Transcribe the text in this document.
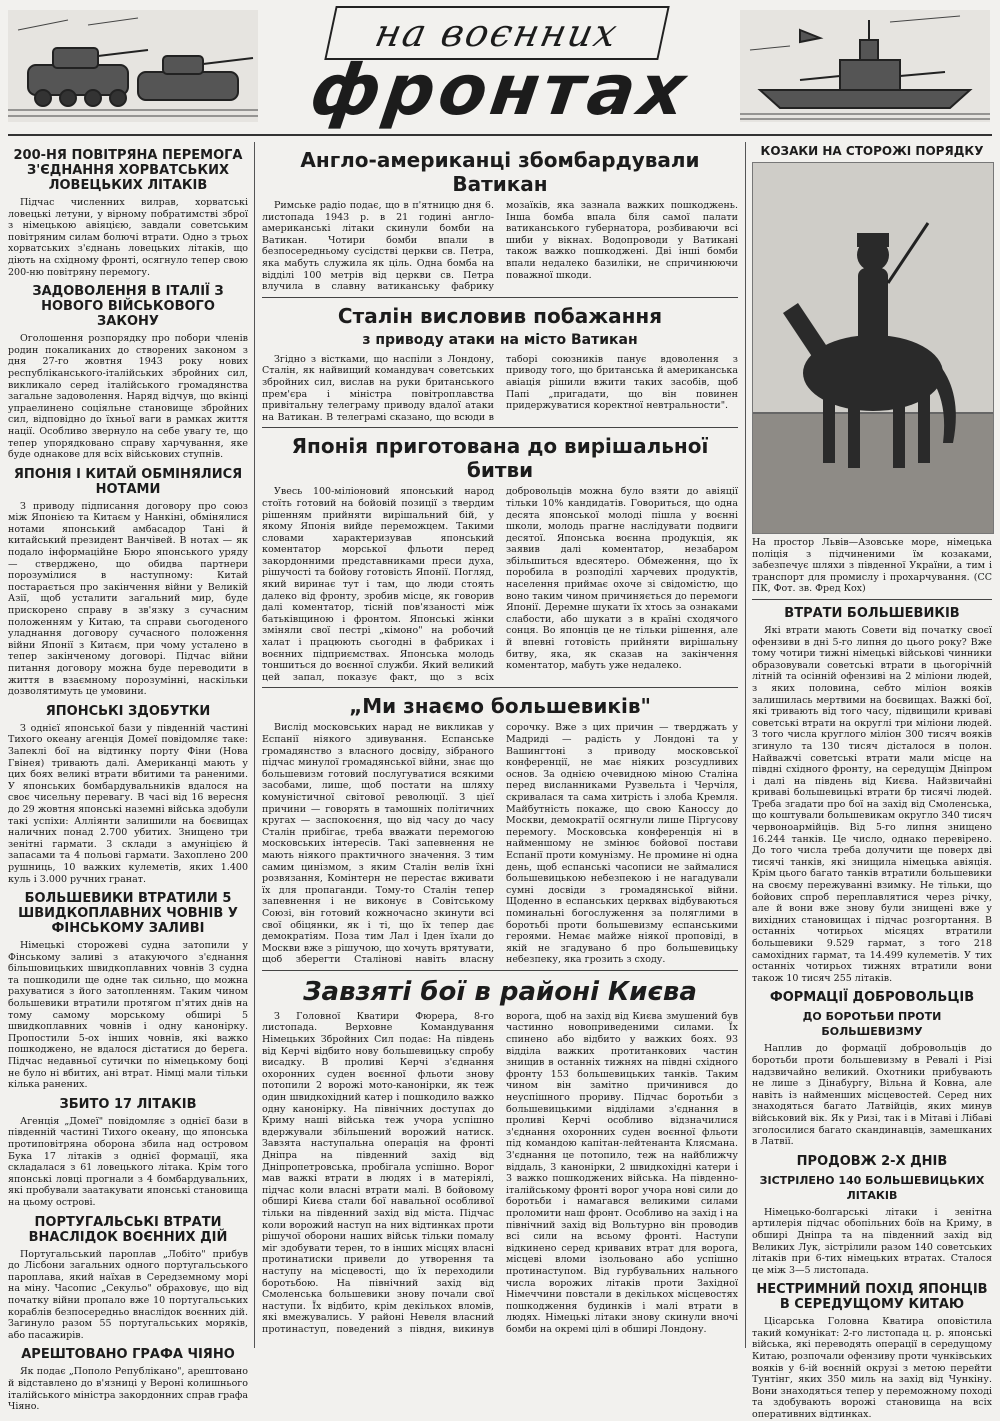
на воєнних
фронтах
200-НЯ ПОВІТРЯНА ПЕРЕМОГА З'ЄДНАННЯ ХОРВАТСЬКИХ ЛОВЕЦЬКИХ ЛІТАКІВ

Підчас численних вилрав, хорватські ловецькі летуни, у вірному побратимстві зброї з німецькою авіяцією, завдали советським повітряним силам болючі втрати. Одно з трьох хорватських з'єднань ловецьких літаків, що діють на східному фронті, осягнуло тепер свою 200-ню повітряну перемогу.

ЗАДОВОЛЕННЯ В ІТАЛІЇ З НОВОГО ВІЙСЬКОВОГО ЗАКОНУ

Оголошення розпорядку про побори членів родин покаликаних до створених законом з дня 27-го жовтня 1943 року нових республіканського-італійських збройних сил, викликало серед італійського громадянства загальне задоволення. Наряд відчув, що вкінці упраелинено соціяльне становище збройних сил, відповідно до їхньої ваги в рамках життя нації. Особливо звернуло на себе увагу те, що тепер упорядковано справу харчування, яке буде однакове для всіх військових ступнів.

ЯПОНІЯ І КИТАЙ ОБМІНЯЛИСЯ НОТАМИ

З приводу підписання договору про союз між Японією та Китаєм у Нанкіні, обмінялися нотами японський амбасадор Тані й китайський президент Ванчівей. В нотах — як подало інформаційне Бюро японського уряду — стверджено, що обидва партнери порозумілися в наступному: Китай постарається про закінчення війни у Великій Азії, щоб усталити загальний мир, буде прискорено справу в зв'язку з сучасним положенням у Китаю, та справи сьогоденого уладнання договору сучасного положення війни Японії з Китаєм, при чому усталено в тепер закінченому договорі. Підчас війни питання договору можна буде переводити в життя в взаємному порозумінні, наскільки дозволятимуть це умовини.

ЯПОНСЬКІ ЗДОБУТКИ

З однієї японської бази у південній частині Тихого океану агенція Домеї повідомляє таке: Запеклі бої на відтинку порту Фіни (Нова Гвінея) тривають далі. Американці мають у цих боях великі втрати вбитими та раненими. У японських бомбардувальників вдалося на своє чисельну перевагу. В часі від 16 вересня до 29 жовтня японські наземні війська здобули такі успіхи: Алліянти залишили на боєвищах наличних понад 2.700 убитих. Знищено три зенітні гармати. 3 склади з амуніцією й запасами та 4 польові гармати. Захоплено 200 рушниць, 10 важких кулеметів, яких 1.400 куль і 3.000 ручних гранат.

БОЛЬШЕВИКИ ВТРАТИЛИ 5 ШВИДКОПЛАВНИХ ЧОВНІВ У ФІНСЬКОМУ ЗАЛИВІ

Німецькі сторожеві судна затопили у Фінському заливі з атакуючого з'єднання більшовицьких швидкоплавних човнів 3 судна та пошкодили ще одне так сильно, що можна рахуватися з його затопленням. Таким чином большевики втратили протягом п'ятих днів на тому самому морському обширі 5 швидкоплавних човнів і одну канонірку. Пропостили 5-ох інших човнів, які важко пошкоджено, не вдалося дістатися до берега. Підчас недавньої сутички по німецькому боці не було ні вбитих, ані втрат. Німці мали тільки кілька ранених.

ЗБИТО 17 ЛІТАКІВ

Агенція „Домеї" повідомляє з однієї бази в південній частині Тихого океану, що японська протиповітряна оборона збила над островом Бука 17 літаків з однієї формації, яка складалася з 61 ловецького літака. Крім того японські ловці прогнали з 4 бомбардувальних, які пробували заатакувати японські становища на цьому острові.

ПОРТУГАЛЬСЬКІ ВТРАТИ ВНАСЛІДОК ВОЄННИХ ДІЙ

Португальський пароплав „Лобіто" прибув до Лісбони загальних одного португальського пароплава, який наїхав в Середземному морі на міну. Часопис „Секульо" обраховує, що від початку війни пропало вже 10 португальських кораблів безпосередньо внаслідок воєнних дій. Загинуло разом 55 португальських моряків, або пасажирів.

АРЕШТОВАНО ГРАФА ЧІЯНО

Як подає „Пополо Републікано", арештовано й відставлено до в'язниці у Вероні колишнього італійського міністра закордонних справ графа Чіяно.

Англо-американці збомбардували Ватикан

Римське радіо подає, що в п'ятницю дня 6. листопада 1943 р. в 21 годині англо-американські літаки скинули бомби на Ватикан. Чотири бомби впали в безпосередньому сусідстві церкви св. Петра, яка мабуть служила як ціль. Одна бомба на відділі 100 метрів від церкви св. Петра влучила в славну ватиканську фабрику мозаїків, яка зазнала важких пошкоджень. Інша бомба впала біля самої палати ватиканського губернатора, розбиваючи всі шиби у вікнах. Водопроводи у Ватикані також важко пошкоджені. Дві інші бомби впали недалеко базиліки, не спричинюючи поважної шкоди.

Сталін висловив побажання
з приводу атаки на місто Ватикан

Згідно з вістками, що наспіли з Лондону, Сталін, як найвищий командувач советських збройних сил, вислав на руки британського прем'єра і міністра повітроплавства привітальну телеграму приводу вдалої атаки на Ватикан. В телеграмі сказано, що всюди в таборі союзників панує вдоволення з приводу того, що британська й американська авіація рішили вжити таких засобів, щоб Папі „пригадати, що він повинен придержуватися коректної невтральности".

Японія приготована до вирішальної битви

Увесь 100-міліоновий японський народ стоїть готовий на бойовій позиції з твердим рішенням прийняти вирішальний бій, у якому Японія вийде переможцем. Такими словами характеризував японський коментатор морської фльоти перед закордонними представниками преси духа, рішучості та бойову готовість Японії. Погляд, який виринає тут і там, що люди стоять далеко від фронту, зробив місце, як говорив далі коментатор, тісній пов'язаності між батьківщиною і фронтом. Японські жінки зміняли свої пестрі „кімоно" на робочий халат і працюють сьогодні в фабриках і воєнних підприємствах. Японська молодь тоншиться до воєнної служби. Який великий цей запал, показує факт, що з всіх добровольців можна було взяти до авіяції тільки 10% кандидатів. Говориться, що одна десята японської молоді пішла у воєнні школи, молодь прагне наслідувати подвиги десятої. Японська воєнна продукція, як заявив далі коментатор, незабаром збільшиться вдесятеро. Обмеження, що їх поробила в розподілі харчевих продуктів, населення приймає охоче зі свідомістю, що воно таким чином причиняється до перемоги Японії. Деремне шукати їх хтось за ознаками слабости, або шукати з в країні сходячого сонця. Во японців це не тільки рішення, але й впевні готовість прийняти вирішальну битву, яка, як сказав на закінчення коментатор, мабуть уже недалеко.

„Ми знаємо большевиків"

Вислід московських нарад не викликав у Еспанії ніякого здивування. Еспанське громадянство з власного досвіду, зібраного підчас минулої громадянської війни, знає що большевизм готовий послугуватися всякими засобами, лише, щоб постати на шляху комуністичної світової революції. З цієї причини — говорять в тамошніх політичних кругах — заспокоєння, що від часу до часу Сталін прибігає, треба вважати перемогою московських інтересів. Такі запевнення не мають ніякого практичного значення. З тим самим цинізмом, з яким Сталін велів їхні розвязання, Комінтерн не перестає вживати їх для пропаганди. Тому-то Сталін тепер запевнення і не виконує в Совітському Союзі, він готовий кожночасно зкинути всі свої обіцянки, як і ті, що їх тепер дає демократіям. Поза тим Лал і Іден їхали до Москви вже з рішучою, що хочуть врятувати, щоб зберегти Сталінові навіть власну сорочку. Вже з цих причин — тверджать у Мадриді — радість у Лондоні та у Вашингтоні з приводу московської конференції, не має ніяких розсудливих основ. За однією очевидною міною Сталіна перед висланниками Рузвельта і Черчіля, скривалася та сама хитрість і злоба Кремля. Майбутність покаже, що свою Каноссу до Москви, демократії осягнули лише Піргусову перемогу. Московська конференція ні в найменшому не змінює бойової постави Еспанії проти комунізму. Не промине ні одна день, щоб еспанські часописи не займалися большевицькою небезпекою і не нагадували сумні досвіди з громадянської війни. Щоденно в еспанських церквах відбуваються поминальні богослуження за поляглими в боротьбі проти большевизму еспанськими героями. Немає майже ніякої проповіді, в якій не згадувано б про большевицьку небезпеку, яка грозить з сходу.

Завзяті бої в районі Києва

З Головної Кватири Фюрера, 8-го листопада. Верховне Командування Німецьких Збройних Сил подає: На південь від Керчі відбито нову большевицьку спробу висадку. В проливі Керчі з'єднання охоронних суден воєнної фльоти знову потопили 2 ворожі мото-канонірки, як теж один швидкохідний катер і пошкодило важко одну канонірку. На північних доступах до Криму наші війська теж учора успішно вдержували збільшений ворожий натиск. Завзята наступальна операція на фронті Дніпра на південний захід від Дніпропетровська, пробігала успішно. Ворог мав важкі втрати в людях і в матеріялі, підчас коли власні втрати малі. В бойовому обширі Києва стали бої навальної особливої тільки на південний захід від міста. Підчас коли ворожий наступ на них відтинках проти рішучої оборони наших військ тільки помалу міг здобувати терен, то в інших місцях власні протинатиски привели до утворення та наступу на місцевості, що їх переходили боротьбою. На північний захід від Смоленська большевики знову почали свої наступи. Їх відбито, крім декількох вломів, які вмежувались. У районі Невеля власний протинаступ, поведений з півдня, викинув ворога, щоб на захід від Києва змушений був частинно новоприведеними силами. Їх спинено або відбито у важких боях. 93 відділа важких протитанкових частин знищив в останніх тижнях на півдні східного фронту 153 большевицьких танків. Таким чином він замітно причинився до неуспішного прориву. Підчас боротьби з большевицькими відділами з'єднання в проливі Керчі особливо відзначилися з'єднання охоронних суден воєнної фльоти під командою капітан-лейтенанта Клясмана. З'єднання це потопило, теж на найближчу віддаль, 3 канонірки, 2 швидкохідні катери і 3 важко пошкоджених війська. На південно-італійському фронті ворог учора нові сили до боротьби і намагався великими силами проломити наш фронт. Особливо на захід і на північний захід від Вольтурно він проводив всі сили на всьому фронті. Наступи відкинено серед кривавих втрат для ворога, місцеві вломи ізольовано або успішно протинаступом. Від гурбувальних нального числа ворожих літаків проти Західної Німеччини повстали в декількох місцевостях пошкодження будинків і малі втрати в людях. Німецькі літаки знову скинули вночі бомби на окремі цілі в обширі Лондону.

КОЗАКИ НА СТОРОЖІ ПОРЯДКУ
На простор Львів—Азовське море, німецька поліція з підчиненими їм козаками, забезпечує шляхи з південної України, а тим і транспорт для промислу і прохарчування. (СС ПК, Фот. зв. Фред Кох)
ВТРАТИ БОЛЬШЕВИКІВ

Які втрати мають Совети від початку своєї офензиви в дні 5-го липня до цього року? Вже тому чотири тижні німецькі військові чинники образовували советські втрати в цьогорічній літній та осінній офензиві на 2 міліони людей, з яких половина, себто міліон вояків залишилась мертвими на боєвищах. Важкі бої, які тривають від того часу, підвищили криваві советські втрати на округлі три міліони людей. З того числа круглого міліон 300 тисяч вояків згинуло та 130 тисяч дісталося в полон. Найважчі советські втрати мали місце на півдні східного фронту, на середущім Дніпром і далі на південь від Києва. Найзвичайні криваві большевицькі втрати бр тисячі людей. Треба згадати про бої на захід від Смоленська, що коштували большевикам округло 340 тисяч червоноармійців. Від 5-го липня знищено 16.244 танків. Це число, однако перевірено. До того числа треба долучити ще поверх дві тисячі танків, які знищила німецька авіяція. Крім цього багато танків втратили большевики на своєму пережуванні взимку. Не тільки, що бойових спроб переплавлятися через річку, але й вони вже знову були знищені вже у вихідних становищах і підчас розгортання. В останніх чотирьох місяцях втратили большевики 9.529 гармат, з того 218 самохідних гармат, та 14.499 кулеметів. У тих останніх чотирьох тижнях втратили вони також 10 тисяч 255 літаків.

ФОРМАЦІЇ ДОБРОВОЛЬЦІВ
ДО БОРОТЬБИ ПРОТИ БОЛЬШЕВИЗМУ

Наплив до формації добровольців до боротьби проти большевизму в Ревалі і Різі надзвичайно великий. Охотники прибувають не лише з Дінабургу, Вільна й Ковна, але навіть із найменших місцевостей. Серед них знаходяться багато Латвійців, яких минув військовий вік. Як у Ризі, так і в Мітаві і Лібаві зголосилися багато скандинавців, замешканих в Латвії.

ПРОДОВЖ 2-Х ДНІВ
ЗІСТРІЛЕНО 140 БОЛЬШЕВИЦЬКИХ ЛІТАКІВ

Німецько-болгарські літаки і зенітна артилерія підчас обопільних боїв на Криму, в обширі Дніпра та на південний захід від Великих Лук, зістрілили разом 140 советських літаків при 6-тих німецьких втратах. Сталося це між 3—5 листопада.

НЕСТРИМНИЙ ПОХІД ЯПОНЦІВ В СЕРЕДУЩОМУ КИТАЮ

Цісарська Головна Кватира оповістила такий комунікат: 2-го листопада ц. р. японські війська, які переводять операції в середущому Китаю, розпочали офензиву проти чунківських вояків у 6-ій воєнній окрузі з метою перейти Тунтінг, яких 350 миль на захід від Чункіну. Вони знаходяться тепер у переможному поході та здобувають ворожі становища на всіх оперативних відтинках.
